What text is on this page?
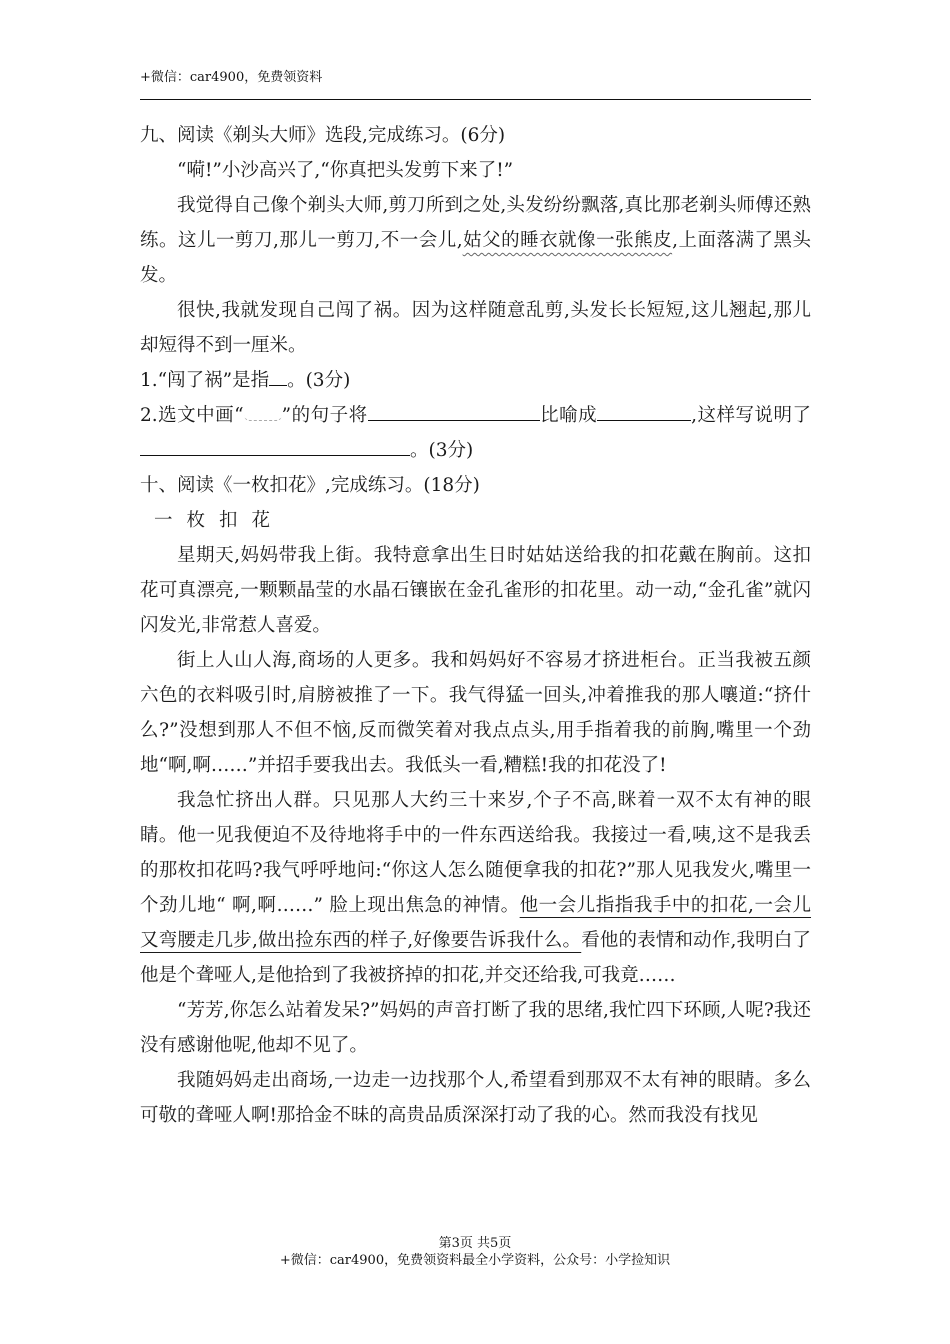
+微信：car4900，免费领资料

九、阅读《剃头大师》选段,完成练习。(6分)

“嗬!”小沙高兴了,“你真把头发剪下来了!”

我觉得自己像个剃头大师,剪刀所到之处,头发纷纷飘落,真比那老剃头师傅还熟练。这儿一剪刀,那儿一剪刀,不一会儿,姑父的睡衣就像一张熊皮,上面落满了黑头发。

很快,我就发现自己闯了祸。因为这样随意乱剪,头发长长短短,这儿翘起,那儿却短得不到一厘米。

1.“闯了祸”是指 。(3分)

2.选文中画“ ”的句子将	比喻成	,这样写说明了。(3分)

十、阅读《一枚扣花》,完成练习。(18分)

一枚扣花

星期天,妈妈带我上街。我特意拿出生日时姑姑送给我的扣花戴在胸前。这扣花可真漂亮,一颗颗晶莹的水晶石镶嵌在金孔雀形的扣花里。动一动,“金孔雀”就闪闪发光,非常惹人喜爱。

街上人山人海,商场的人更多。我和妈妈好不容易才挤进柜台。正当我被五颜六色的衣料吸引时,肩膀被推了一下。我气得猛一回头,冲着推我的那人嚷道:“挤什么?”没想到那人不但不恼,反而微笑着对我点点头,用手指着我的前胸,嘴里一个劲地“啊,啊……”并招手要我出去。我低头一看,糟糕!我的扣花没了!

我急忙挤出人群。只见那人大约三十来岁,个子不高,眯着一双不太有神的眼睛。他一见我便迫不及待地将手中的一件东西送给我。我接过一看,咦,这不是我丢的那枚扣花吗?我气呼呼地问:“你这人怎么随便拿我的扣花?”那人见我发火,嘴里一个劲儿地“ 啊,啊……” 脸上现出焦急的神情。他一会儿指指我手中的扣花,一会儿又弯腰走几步,做出捡东西的样子,好像要告诉我什么。看他的表情和动作,我明白了他是个聋哑人,是他拾到了我被挤掉的扣花,并交还给我,可我竟……

“芳芳,你怎么站着发呆?”妈妈的声音打断了我的思绪,我忙四下环顾,人呢?我还没有感谢他呢,他却不见了。

我随妈妈走出商场,一边走一边找那个人,希望看到那双不太有神的眼睛。多么可敬的聋哑人啊!那拾金不昧的高贵品质深深打动了我的心。然而我没有找见

第3页 共5页
+微信：car4900，免费领资料最全小学资料，公众号：小学捡知识
